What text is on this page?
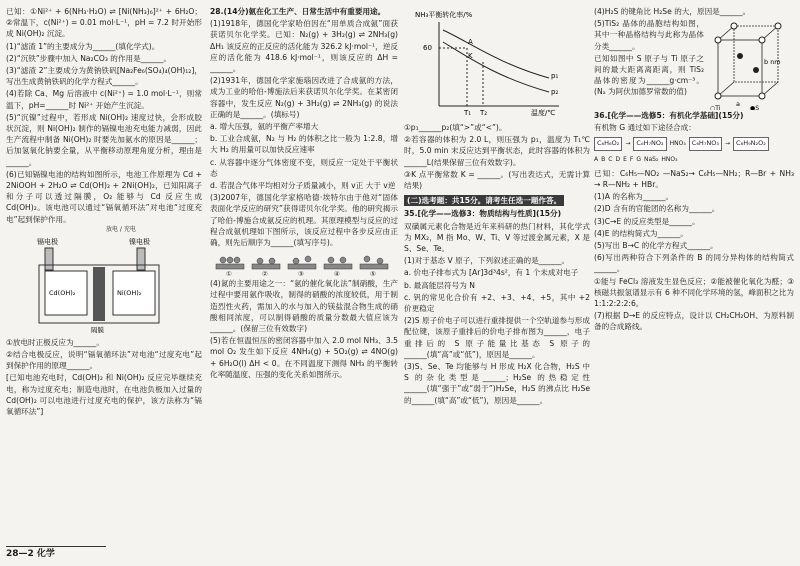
已知：①Ni²⁺ + 6(NH₃·H₂O) ⇌ [Ni(NH₃)₆]²⁺ + 6H₂O；②常温下，c(Ni²⁺) = 0.01 mol·L⁻¹，pH = 7.2 时开始形成 Ni(OH)₂ 沉淀。

(1)“滤渣 1”的主要成分为______(填化学式)。

(2)“沉铁”步骤中加入 Na₂CO₃ 的作用是______。

(3)“滤渣 2”主要成分为黄钠铁矾[Na₂Fe₆(SO₄)₄(OH)₁₂]，写出生成黄钠铁矾的化学方程式______。

(4)若除 Ca、Mg 后溶液中 c(Ni²⁺) = 1.0 mol·L⁻¹，则常温下，pH=______时 Ni²⁺ 开始产生沉淀。

(5)“沉镍”过程中，若形成 Ni(OH)₂ 速度过快，会形成胶状沉淀，则 Ni(OH)₂ 制作的镉镍电池充电能力减弱，因此生产流程中制备 Ni(OH)₂ 时要先加氨水的原因是______；后加氢氧化钠要全量，从平衡移动原理角度分析，理由是______。

(6)已知镉镍电池的结构如图所示，电池工作原理为 Cd + 2NiOOH + 2H₂O ⇌ Cd(OH)₂ + 2Ni(OH)₂，已知阳离子和分子可以透过隔膜，O₂ 能够与 Cd 反应生成 Cd(OH)₂。该电池可以通过“镉氧循环法”对电池“过度充电”起到保护作用。

放电 / 充电
镉电极	镍电极
Cd(OH)₂	Ni(OH)₂
隔膜

①放电时正极反应为______。

②结合电极反应，说明“镉氧循环法”对电池“过度充电”起到保护作用的原理______。

[已知电池充电时，Cd(OH)₂ 和 Ni(OH)₂ 反应完毕继续充电，称为过度充电；制造电池时，在电池负极加入过量的 Cd(OH)₂ 可以电池进行过度充电的保护，该方法称为“镉氧循环法”]

28.(14分)氨在化工生产、日常生活中有重要用途。

(1)1918年，德国化学家哈伯因在“用单质合成氨”面获获诺贝尔化学奖。已知：N₂(g) + 3H₂(g) ⇌ 2NH₃(g) ΔH₁ 该反应的正反应的活化能为 326.2 kJ·mol⁻¹，逆反应的活化能为 418.6 kJ·mol⁻¹，则该反应的 ΔH = ______。

(2)1931年，德国化学家施瑙因改进了合成氨的方法，成为工业的哈伯-博施法后来获诺贝尔化学奖。在某密闭容器中，发生反应 N₂(g) + 3H₂(g) ⇌ 2NH₃(g) 的说法正确的是______。(填标号)

a. 增大压强，氨的平衡产率增大

b. 工业合成氨，N₂ 与 H₂ 的体积之比一般为 1:2.8，增大 H₂ 的用量可以加快反应速率

c. 从容器中逐分气体密度不变，则反应一定处于平衡状态

d. 若混合气体平均相对分子质量减小，则 v正 大于 v逆

(3)2007年，德国化学家格哈德·埃特尔由于他对“固体表面化学反应的研究”获得诺贝尔化学奖。他的研究揭示了哈伯-博施合成氨反应的机理。其原理模型与反应的过程合成氨机理如下图所示，该反应过程中各步反应由正确，则先后顺序为______(填写序号)。

①	②	③	④	⑤

(4)氮的主要用途之一：“氨的催化氧化法”制硝酸，生产过程中要用氨作吸收，制得的硝酸的浓度较低，用于制造烈性火药，需加入的水与加入的镁盐混合物生成的硝酸相同浓度，可以制得硝酸的质量分数最大值应该为______。(保留三位有效数字)

(5)若在恒温恒压的密闭容器中加入 2.0 mol NH₃、3.5 mol O₂ 发生如下反应 4NH₃(g) + 5O₂(g) ⇌ 4NO(g) + 6H₂O(l) ΔH < 0。在不同温度下测得 NH₃ 的平衡转化率随温度、压强的变化关系如图所示。

NH₃平衡转化率/%
60
p₁
p₂
A
K
T₁ T₂	温度/℃

①p₁______p₂(填“>”或“<”)。

②若容器的体积为 2.0 L，则压强为 p₁，温度为 T₁℃ 时，5.0 min 末反应达到平衡状态，此时容器的体积为______L(结果保留三位有效数字)。

③K 点平衡常数 K = ______。(写出表达式，无需计算结果)

(二)选考题：共15分。请考生任选一题作答。

35.[化学——选修3：物质结构与性质](15分)

双磺属元素化合物是近年来科研的热门材料，其化学式为 MX₂，M 指 Mo、W、Ti、V 等过渡金属元素，X 是 S、Se、Te。

(1)对于基态 V 原子，下列叙述正确的是______。

a. 价电子排布式为 [Ar]3d³4s²，有 1 个未成对电子

b. 最高能层符号为 N

c. 钒的常见化合价有 +2、+3、+4、+5，其中 +2 价更稳定

(2)S 原子价电子可以进行重排提供一个空轨道参与形成配位键，该原子重排后的价电子排布图为______，电子重排后的 S 原子能量比基态 S 原子的______(填“高”或“低”)，原因是______。

(3)S、Se、Te 均能够与 H 形成 H₂X 化合物，H₂S 中 S 的杂化类型是______；H₂Se 的热稳定性______(填“强于”或“弱于”)H₂Se，H₂S 的沸点比 H₂Se 的______(填“高”或“低”)，原因是______。

(4)H₂S 的键角比 H₂Se 的大，原因是______。

(5)TiS₂ 晶体的晶胞结构如图，其中一种晶格结构与此称为晶体分类______。

已知如图中 S 原子与 Ti 原子之间的最大距离离距离，则 TiS₂ 晶体的密度为______g·cm⁻³。(Nₐ 为阿伏加德罗常数的值)

a
b nm
○Ti	●S

36.[化学——选修5：有机化学基础](15分)

有机物 G 通过如下途径合成：

C₆H₆O₂	→ C₆H₇NO₂	HNO₃ C₆H₇NO₃	→ C₆H₉N₂O₂
A B C D E F G NaS₂ HNO₃

已知：C₆H₅—NO₂ —NaS₂→ C₆H₅—NH₂；R—Br + NH₃ → R—NH₂ + HBr。

(1)A 的名称为______。

(2)D 含有的官能团的名称为______。

(3)C→E 的反应类型是______。

(4)E 的结构简式为______。

(5)写出 B→C 的化学方程式______。

(6)写出两种符合下列条件的 B 的同分异构体的结构简式______。

①能与 FeCl₃ 溶液发生显色反应；②能被催化氧化为醛；③核磁共振氢谱显示有 6 种不同化学环境的氢，峰面积之比为 1:1:2:2:2:6。

(7)根据 D→E 的反应特点，设计以 CH₂CH₂OH、为原料制备的合成路线。

28—2 化学
